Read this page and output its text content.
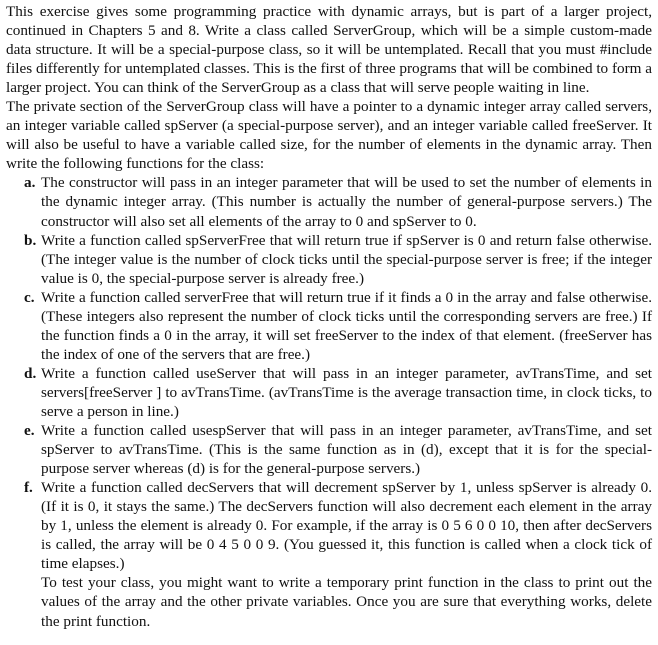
This exercise gives some programming practice with dynamic arrays, but is part of a larger project, continued in Chapters 5 and 8. Write a class called ServerGroup, which will be a simple custom-made data structure. It will be a special-purpose class, so it will be untemplated. Recall that you must #include files differently for untemplated classes. This is the first of three programs that will be combined to form a larger project. You can think of the ServerGroup as a class that will serve people waiting in line.

The private section of the ServerGroup class will have a pointer to a dynamic integer array called servers, an integer variable called spServer (a special-purpose server), and an integer variable called freeServer. It will also be useful to have a variable called size, for the number of elements in the dynamic array. Then write the following functions for the class:

a. The constructor will pass in an integer parameter that will be used to set the number of elements in the dynamic integer array. (This number is actually the number of general-purpose servers.) The constructor will also set all elements of the array to 0 and spServer to 0.
b. Write a function called spServerFree that will return true if spServer is 0 and return false otherwise. (The integer value is the number of clock ticks until the special-purpose server is free; if the integer value is 0, the special-purpose server is already free.)
c. Write a function called serverFree that will return true if it finds a 0 in the array and false otherwise. (These integers also represent the number of clock ticks until the corresponding servers are free.) If the function finds a 0 in the array, it will set freeServer to the index of that element. (freeServer has the index of one of the servers that are free.)
d. Write a function called useServer that will pass in an integer parameter, avTransTime, and set servers[freeServer ] to avTransTime. (avTransTime is the average transaction time, in clock ticks, to serve a person in line.)
e. Write a function called usespServer that will pass in an integer parameter, avTransTime, and set spServer to avTransTime. (This is the same function as in (d), except that it is for the special-purpose server whereas (d) is for the general-purpose servers.)
f. Write a function called decServers that will decrement spServer by 1, unless spServer is already 0. (If it is 0, it stays the same.) The decServers function will also decrement each element in the array by 1, unless the element is already 0. For example, if the array is 0 5 6 0 0 10, then after decServers is called, the array will be 0 4 5 0 0 9. (You guessed it, this function is called when a clock tick of time elapses.)

To test your class, you might want to write a temporary print function in the class to print out the values of the array and the other private variables. Once you are sure that everything works, delete the print function.
